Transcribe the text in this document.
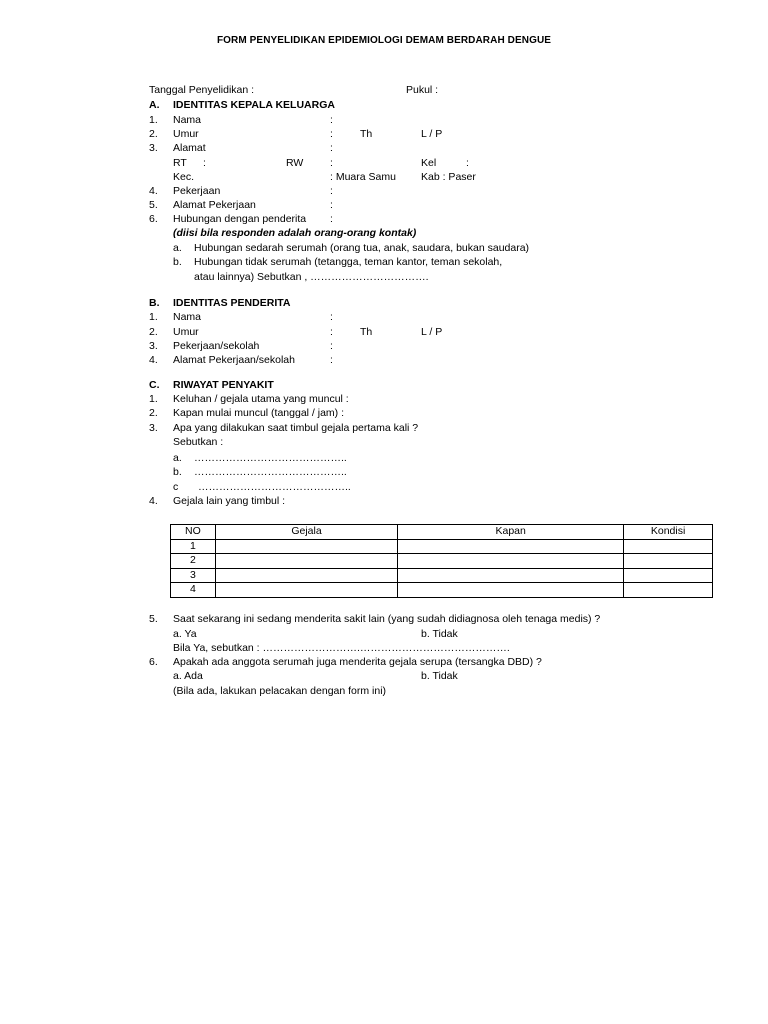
FORM PENYELIDIKAN EPIDEMIOLOGI DEMAM BERDARAH DENGUE
Tanggal Penyelidikan :	Pukul :
A. IDENTITAS KEPALA KELUARGA
1. Nama	:
2. Umur	:	Th	L / P
3. Alamat	:
RT :	RW	:	Kel	:
Kec.	: Muara Samu Kab : Paser
4. Pekerjaan	:
5. Alamat Pekerjaan	:
6. Hubungan dengan penderita :
(diisi bila responden adalah orang-orang kontak)
a. Hubungan sedarah serumah (orang tua, anak, saudara, bukan saudara)
b. Hubungan tidak serumah (tetangga, teman kantor, teman sekolah,
atau lainnya) Sebutkan , …………………………….
B. IDENTITAS PENDERITA
1. Nama	:
2. Umur	:	Th	L / P
3. Pekerjaan/sekolah	:
4. Alamat Pekerjaan/sekolah	:
C. RIWAYAT PENYAKIT
1. Keluhan / gejala utama yang muncul :
2. Kapan mulai muncul (tanggal / jam) :
3. Apa yang dilakukan saat timbul gejala pertama kali ?
Sebutkan :
a. ……………………………………..
b. ……………………………………..
c ……………………………………..
4. Gejala lain yang timbul :
NO	Gejala	Kapan	Kondisi
1			
2			
3			
4			
5. Saat sekarang ini sedang menderita sakit lain (yang sudah didiagnosa oleh tenaga medis) ?
a. Ya	b. Tidak
Bila Ya, sebutkan : ……………………….…………………………………….
6. Apakah ada anggota serumah juga menderita gejala serupa (tersangka DBD) ?
a. Ada	b. Tidak
(Bila ada, lakukan pelacakan dengan form ini)
